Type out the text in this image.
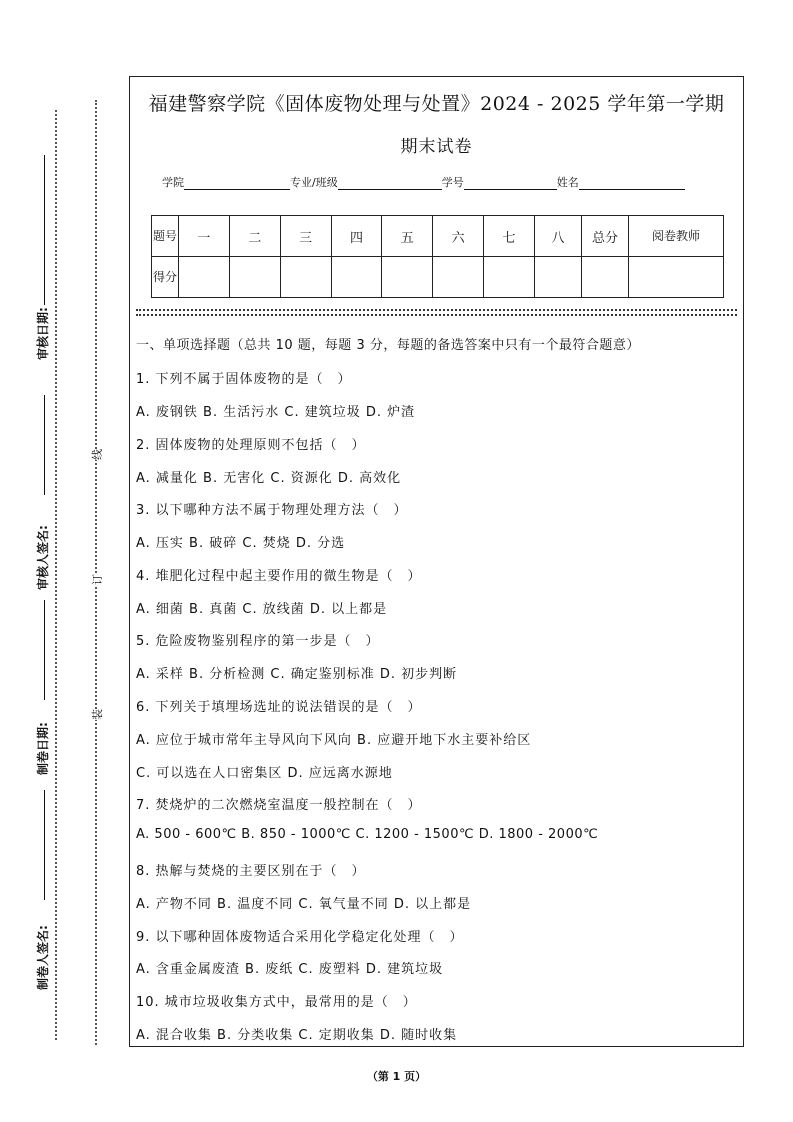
审核日期:
审核人签名:
制卷日期:
制卷人签名:
线
订
装
福建警察学院《固体废物处理与处置》2024 - 2025 学年第一学期
期末试卷
学院	专业/班级	学号	姓名
题号	一	二	三	四	五	六	七	八	总分	阅卷教师
得分										
一、单项选择题（总共 10 题，每题 3 分，每题的备选答案中只有一个最符合题意）
1. 下列不属于固体废物的是（　）
A. 废钢铁 B. 生活污水 C. 建筑垃圾 D. 炉渣
2. 固体废物的处理原则不包括（　）
A. 减量化 B. 无害化 C. 资源化 D. 高效化
3. 以下哪种方法不属于物理处理方法（　）
A. 压实 B. 破碎 C. 焚烧 D. 分选
4. 堆肥化过程中起主要作用的微生物是（　）
A. 细菌 B. 真菌 C. 放线菌 D. 以上都是
5. 危险废物鉴别程序的第一步是（　）
A. 采样 B. 分析检测 C. 确定鉴别标准 D. 初步判断
6. 下列关于填埋场选址的说法错误的是（　）
A. 应位于城市常年主导风向下风向 B. 应避开地下水主要补给区
C. 可以选在人口密集区 D. 应远离水源地
7. 焚烧炉的二次燃烧室温度一般控制在（　）
A. 500 - 600℃ B. 850 - 1000℃ C. 1200 - 1500℃ D. 1800 - 2000℃
8. 热解与焚烧的主要区别在于（　）
A. 产物不同 B. 温度不同 C. 氧气量不同 D. 以上都是
9. 以下哪种固体废物适合采用化学稳定化处理（　）
A. 含重金属废渣 B. 废纸 C. 废塑料 D. 建筑垃圾
10. 城市垃圾收集方式中，最常用的是（　）
A. 混合收集 B. 分类收集 C. 定期收集 D. 随时收集
（第 1 页）
